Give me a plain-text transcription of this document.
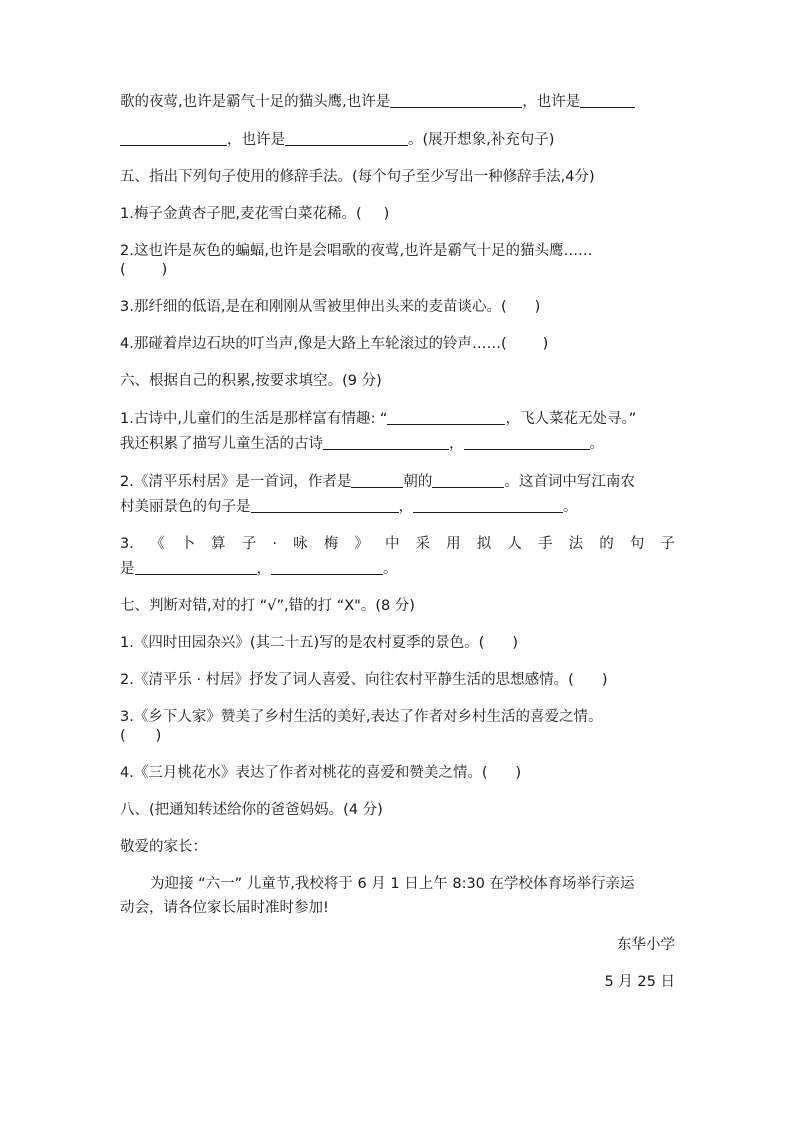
歌的夜莺,也许是霸气十足的猫头鹰,也许是	，也许是
，也许是	。(展开想象,补充句子)
五、指出下列句子使用的修辞手法。(每个句子至少写出一种修辞手法,4分)
1.梅子金黄杏子肥,麦花雪白菜花稀。( )
2.这也许是灰色的蝙蝠,也许是会唱歌的夜莺,也许是霸气十足的猫头鹰……
( )
3.那纤细的低语,是在和刚刚从雪被里伸出头来的麦苗谈心。( )
4.那碰着岸边石块的叮当声,像是大路上车轮滚过的铃声……( )
六、根据自己的积累,按要求填空。(9 分)
1.古诗中,儿童们的生活是那样富有情趣: “	，飞人菜花无处寻。”
我还积累了描写儿童生活的古诗	，	。
2.《清平乐村居》是一首词，作者是	朝的	。这首词中写江南农
村美丽景色的句子是	，	。
3. 《 卜 算 子 · 咏 梅 》 中 采 用 拟 人 手 法 的 句 子
是	，	。
七、判断对错,对的打 “√”,错的打 “X"。(8 分)
1.《四时田园杂兴》(其二十五)写的是农村夏季的景色。( )
2.《清平乐 · 村居》抒发了词人喜爱、向往农村平静生活的思想感情。( )
3.《乡下人家》赞美了乡村生活的美好,表达了作者对乡村生活的喜爱之情。
( )
4.《三月桃花水》表达了作者对桃花的喜爱和赞美之情。( )
八、(把通知转述给你的爸爸妈妈。(4 分)
敬爱的家长：
为迎接 “六一” 儿童节,我校将于 6 月 1 日上午 8:30 在学校体育场举行亲运
动会，请各位家长届时准时参加!
东华小学
5 月 25 日
